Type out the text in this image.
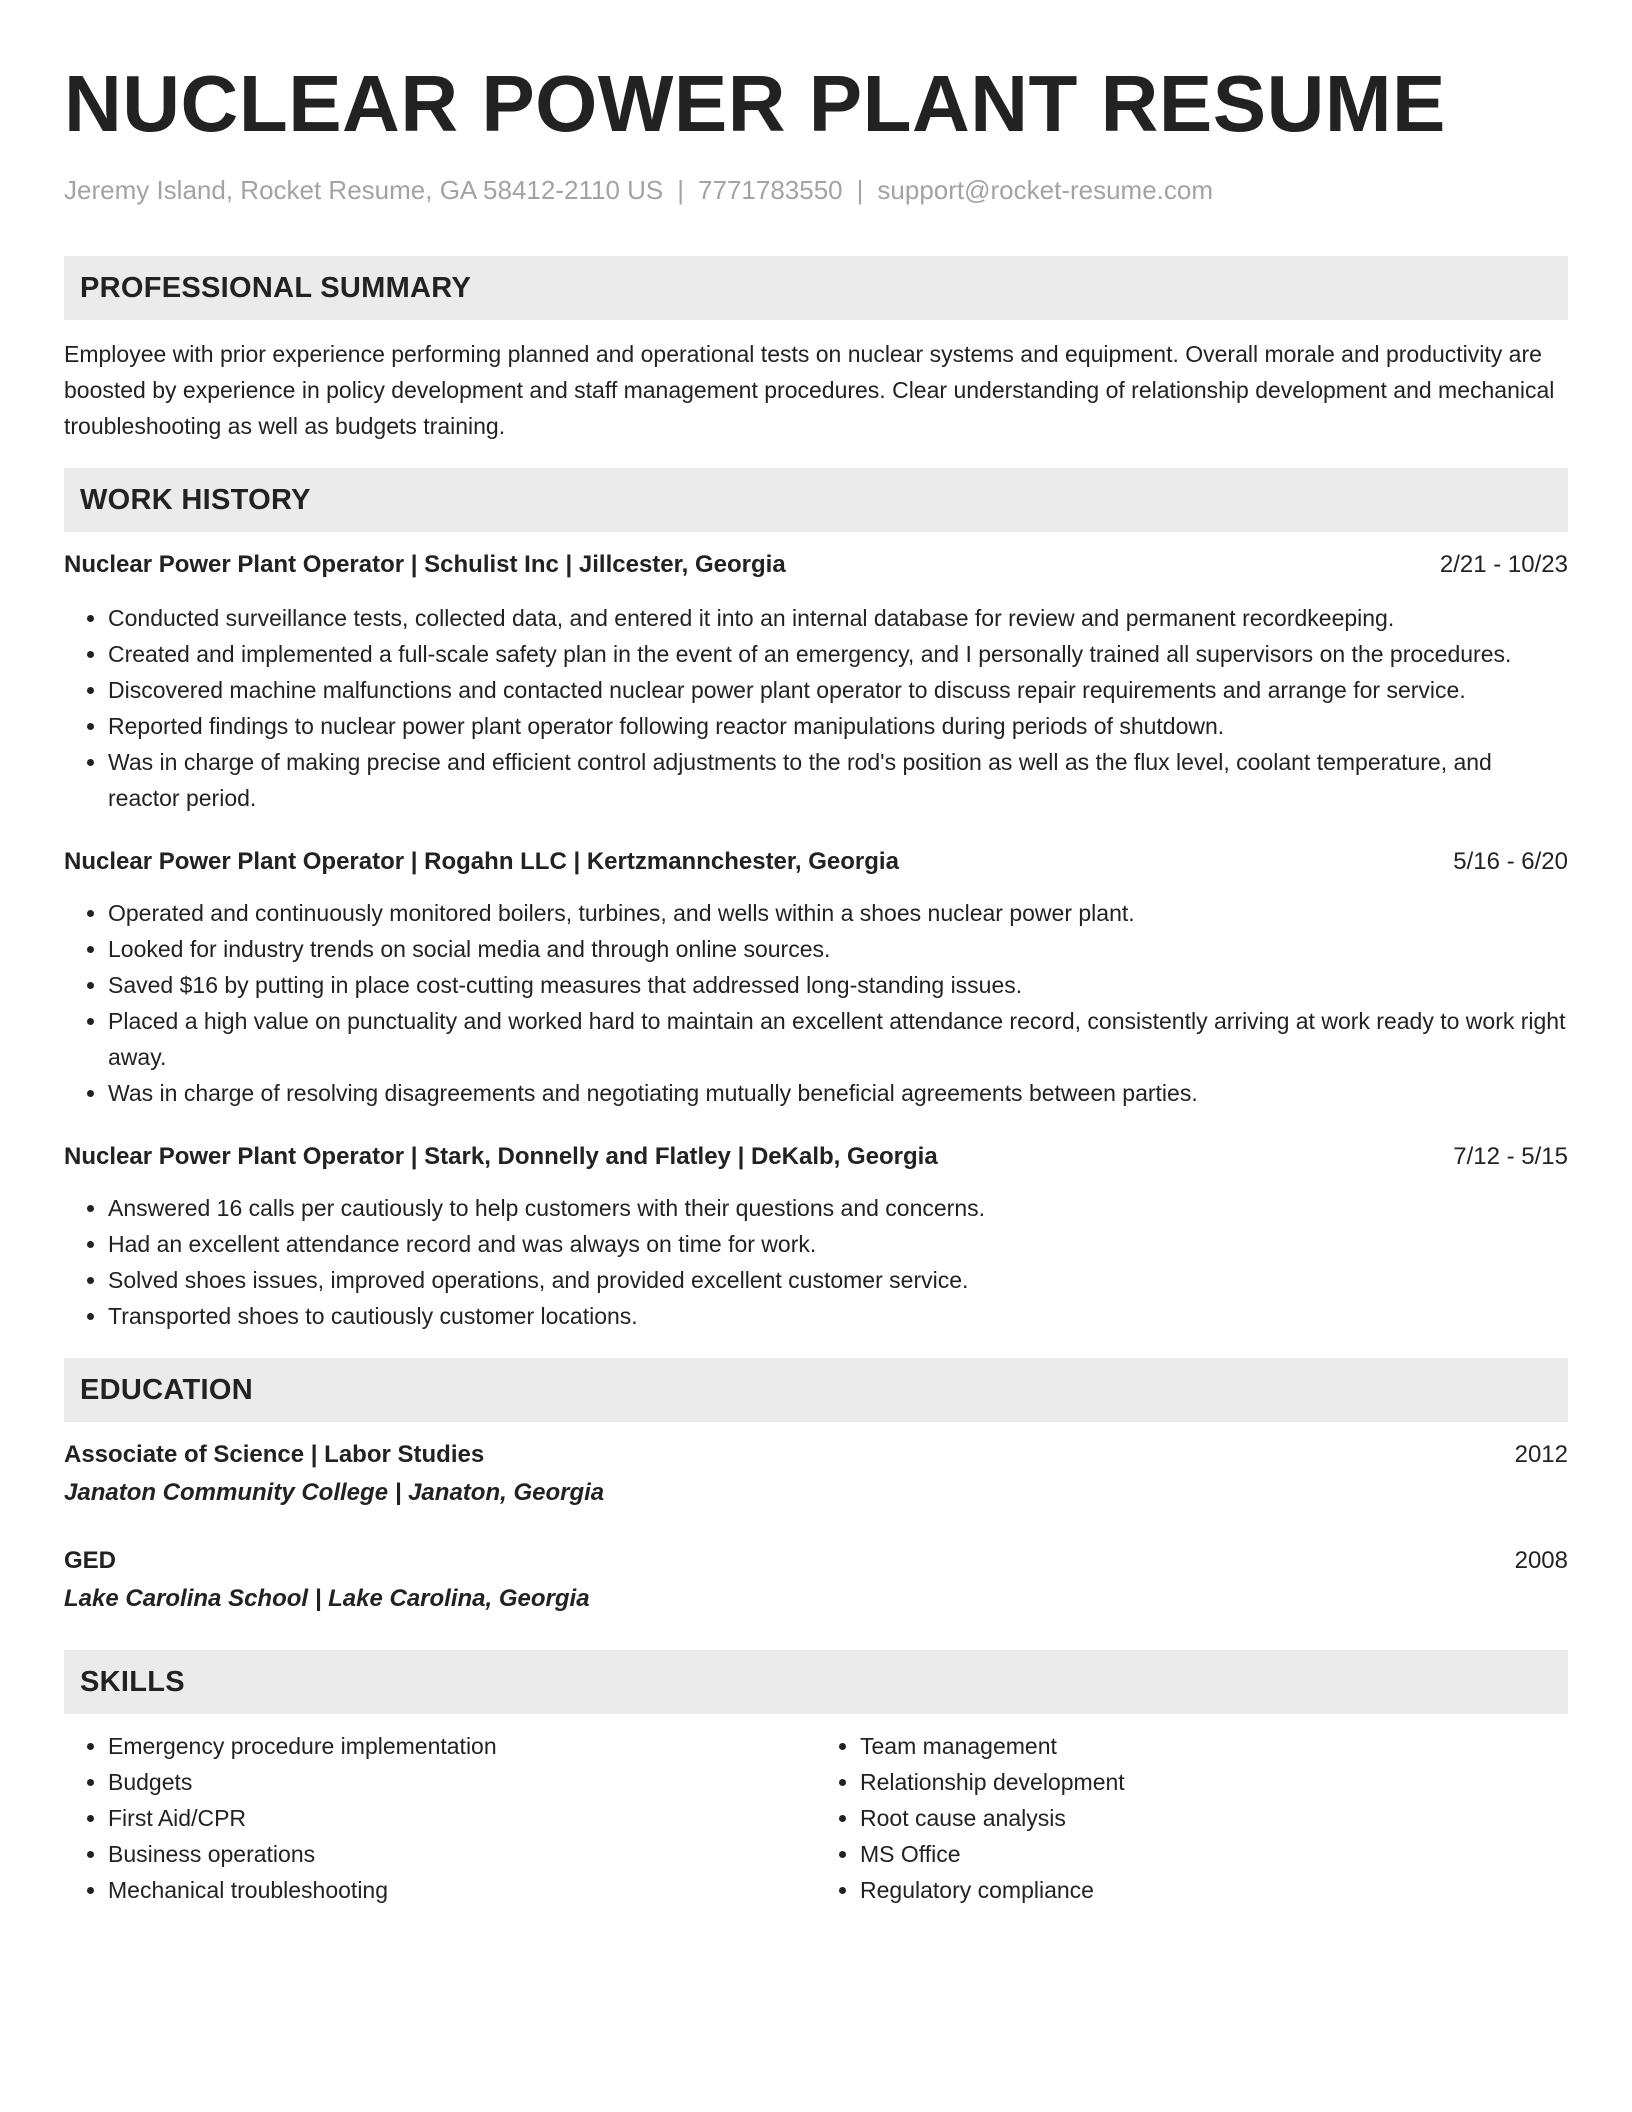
NUCLEAR POWER PLANT RESUME
Jeremy Island, Rocket Resume, GA 58412-2110 US | 7771783550 | support@rocket-resume.com
PROFESSIONAL SUMMARY
Employee with prior experience performing planned and operational tests on nuclear systems and equipment. Overall morale and productivity are boosted by experience in policy development and staff management procedures. Clear understanding of relationship development and mechanical troubleshooting as well as budgets training.
WORK HISTORY
Nuclear Power Plant Operator | Schulist Inc | Jillcester, Georgia	2/21 - 10/23
• Conducted surveillance tests, collected data, and entered it into an internal database for review and permanent recordkeeping.
• Created and implemented a full-scale safety plan in the event of an emergency, and I personally trained all supervisors on the procedures.
• Discovered machine malfunctions and contacted nuclear power plant operator to discuss repair requirements and arrange for service.
• Reported findings to nuclear power plant operator following reactor manipulations during periods of shutdown.
• Was in charge of making precise and efficient control adjustments to the rod's position as well as the flux level, coolant temperature, and reactor period.
Nuclear Power Plant Operator | Rogahn LLC | Kertzmannchester, Georgia	5/16 - 6/20
• Operated and continuously monitored boilers, turbines, and wells within a shoes nuclear power plant.
• Looked for industry trends on social media and through online sources.
• Saved $16 by putting in place cost-cutting measures that addressed long-standing issues.
• Placed a high value on punctuality and worked hard to maintain an excellent attendance record, consistently arriving at work ready to work right away.
• Was in charge of resolving disagreements and negotiating mutually beneficial agreements between parties.
Nuclear Power Plant Operator | Stark, Donnelly and Flatley | DeKalb, Georgia	7/12 - 5/15
• Answered 16 calls per cautiously to help customers with their questions and concerns.
• Had an excellent attendance record and was always on time for work.
• Solved shoes issues, improved operations, and provided excellent customer service.
• Transported shoes to cautiously customer locations.
EDUCATION
Associate of Science | Labor Studies	2012
Janaton Community College | Janaton, Georgia
GED	2008
Lake Carolina School | Lake Carolina, Georgia
SKILLS
• Emergency procedure implementation
• Budgets
• First Aid/CPR
• Business operations
• Mechanical troubleshooting
• Team management
• Relationship development
• Root cause analysis
• MS Office
• Regulatory compliance
